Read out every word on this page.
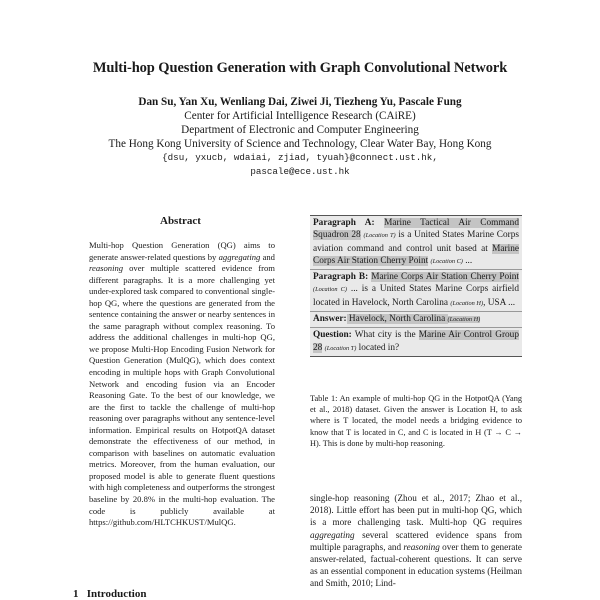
Multi-hop Question Generation with Graph Convolutional Network
Dan Su, Yan Xu, Wenliang Dai, Ziwei Ji, Tiezheng Yu, Pascale Fung
Center for Artificial Intelligence Research (CAiRE)
Department of Electronic and Computer Engineering
The Hong Kong University of Science and Technology, Clear Water Bay, Hong Kong
{dsu, yxucb, wdaiai, zjiad, tyuah}@connect.ust.hk,
pascale@ece.ust.hk
Abstract
Multi-hop Question Generation (QG) aims to generate answer-related questions by aggregating and reasoning over multiple scattered evidence from different paragraphs. It is a more challenging yet under-explored task compared to conventional single-hop QG, where the questions are generated from the sentence containing the answer or nearby sentences in the same paragraph without complex reasoning. To address the additional challenges in multi-hop QG, we propose Multi-Hop Encoding Fusion Network for Question Generation (MulQG), which does context encoding in multiple hops with Graph Convolutional Network and encoding fusion via an Encoder Reasoning Gate. To the best of our knowledge, we are the first to tackle the challenge of multi-hop reasoning over paragraphs without any sentence-level information. Empirical results on HotpotQA dataset demonstrate the effectiveness of our method, in comparison with baselines on automatic evaluation metrics. Moreover, from the human evaluation, our proposed model is able to generate fluent questions with high completeness and outperforms the strongest baseline by 20.8% in the multi-hop evaluation. The code is publicly available at https://github.com/HLTCHKUST/MulQG.
1   Introduction
Paragraph A: Marine Tactical Air Command Squadron 28 (Location T) is a United States Marine Corps aviation command and control unit based at Marine Corps Air Station Cherry Point (Location C) ...
Paragraph B: Marine Corps Air Station Cherry Point (Location C) ... is a United States Marine Corps airfield located in Havelock, North Carolina (Location H), USA ...
Answer: Havelock, North Carolina (Location H)
Question: What city is the Marine Air Control Group 28 (Location T) located in?
Table 1: An example of multi-hop QG in the HotpotQA (Yang et al., 2018) dataset. Given the answer is Location H, to ask where is T located, the model needs a bridging evidence to know that T is located in C, and C is located in H (T → C → H). This is done by multi-hop reasoning.
single-hop reasoning (Zhou et al., 2017; Zhao et al., 2018). Little effort has been put in multi-hop QG, which is a more challenging task. Multi-hop QG requires aggregating several scattered evidence spans from multiple paragraphs, and reasoning over them to generate answer-related, factual-coherent questions. It can serve as an essential component in education systems (Heilman and Smith, 2010; Lind-
